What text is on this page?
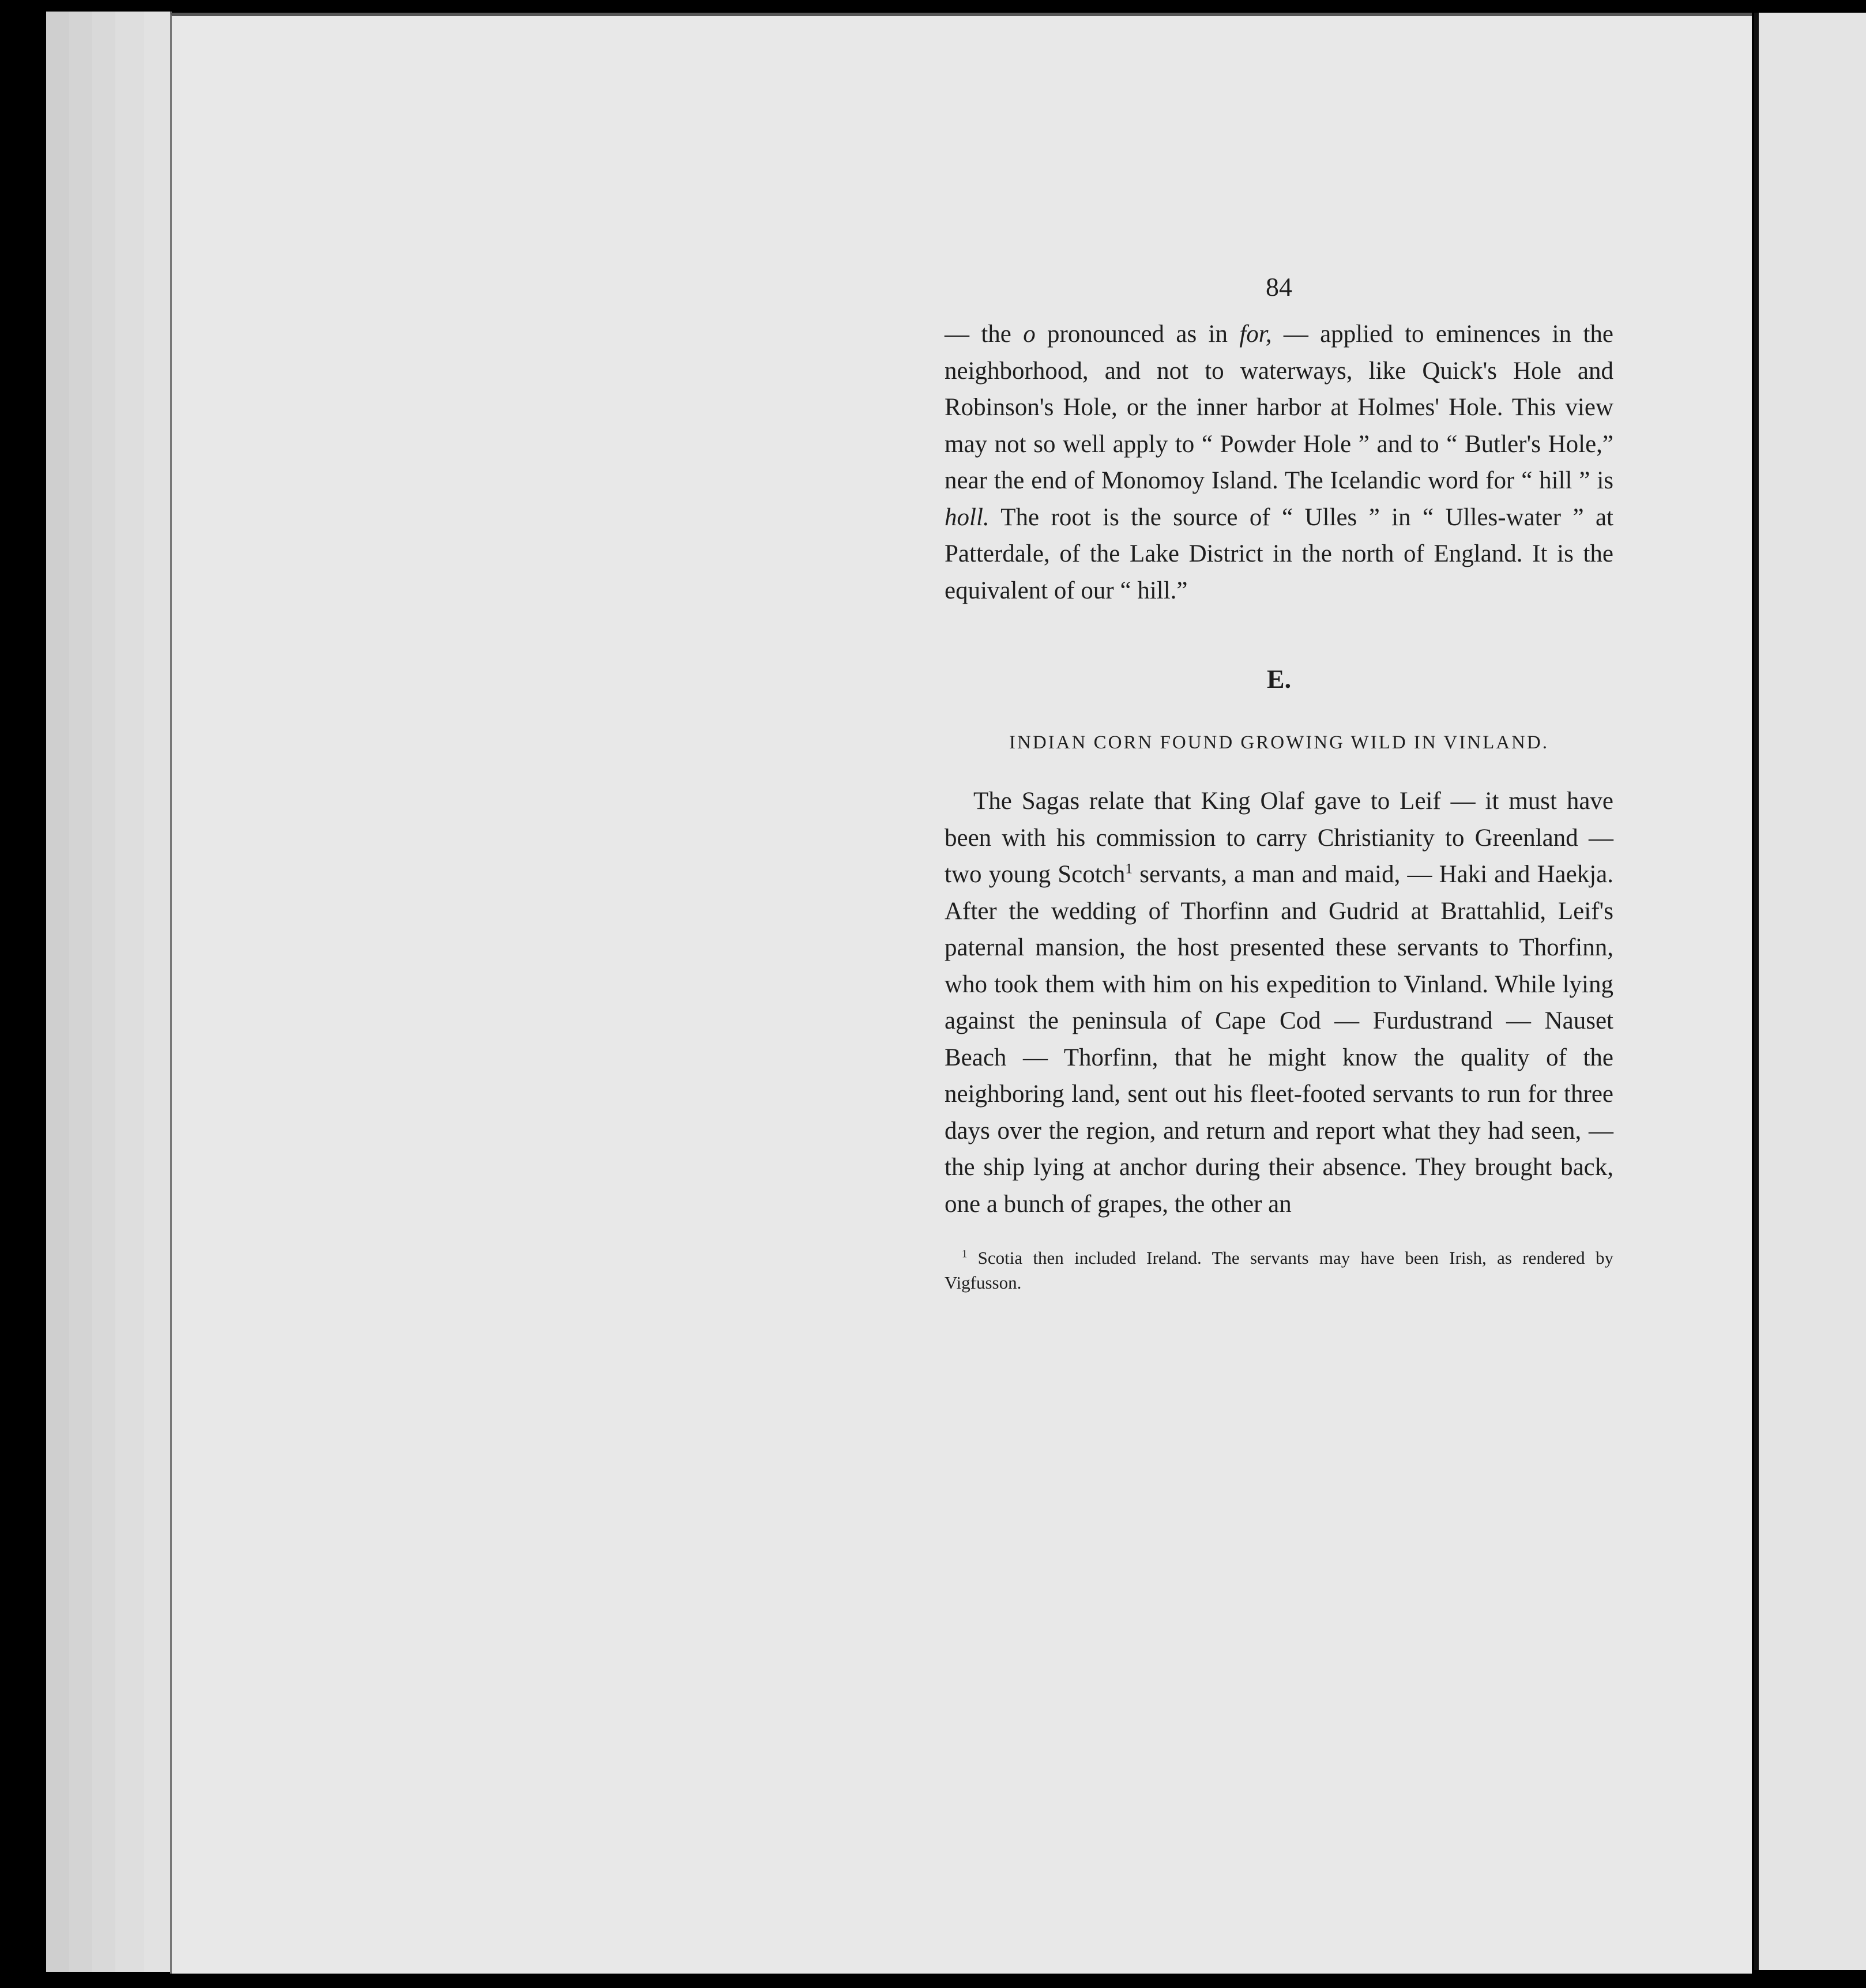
84

— the o pronounced as in for, — applied to eminences in the neighborhood, and not to waterways, like Quick's Hole and Robinson's Hole, or the inner harbor at Holmes' Hole. This view may not so well apply to “ Powder Hole ” and to “ Butler's Hole,” near the end of Monomoy Island. The Icelandic word for “ hill ” is holl. The root is the source of “ Ulles ” in “ Ulles-water ” at Patterdale, of the Lake District in the north of England. It is the equivalent of our “ hill.”

E.
INDIAN CORN FOUND GROWING WILD IN VINLAND.

The Sagas relate that King Olaf gave to Leif — it must have been with his commission to carry Christianity to Greenland — two young Scotch$^1$ servants, a man and maid, — Haki and Haekja. After the wedding of Thorfinn and Gudrid at Brattahlid, Leif's paternal mansion, the host presented these servants to Thorfinn, who took them with him on his expedition to Vinland. While lying against the peninsula of Cape Cod — Furdustrand — Nauset Beach — Thorfinn, that he might know the quality of the neighboring land, sent out his fleet-footed servants to run for three days over the region, and return and report what they had seen, — the ship lying at anchor during their absence. They brought back, one a bunch of grapes, the other an

$^1$ Scotia then included Ireland. The servants may have been Irish, as rendered by Vigfusson.
